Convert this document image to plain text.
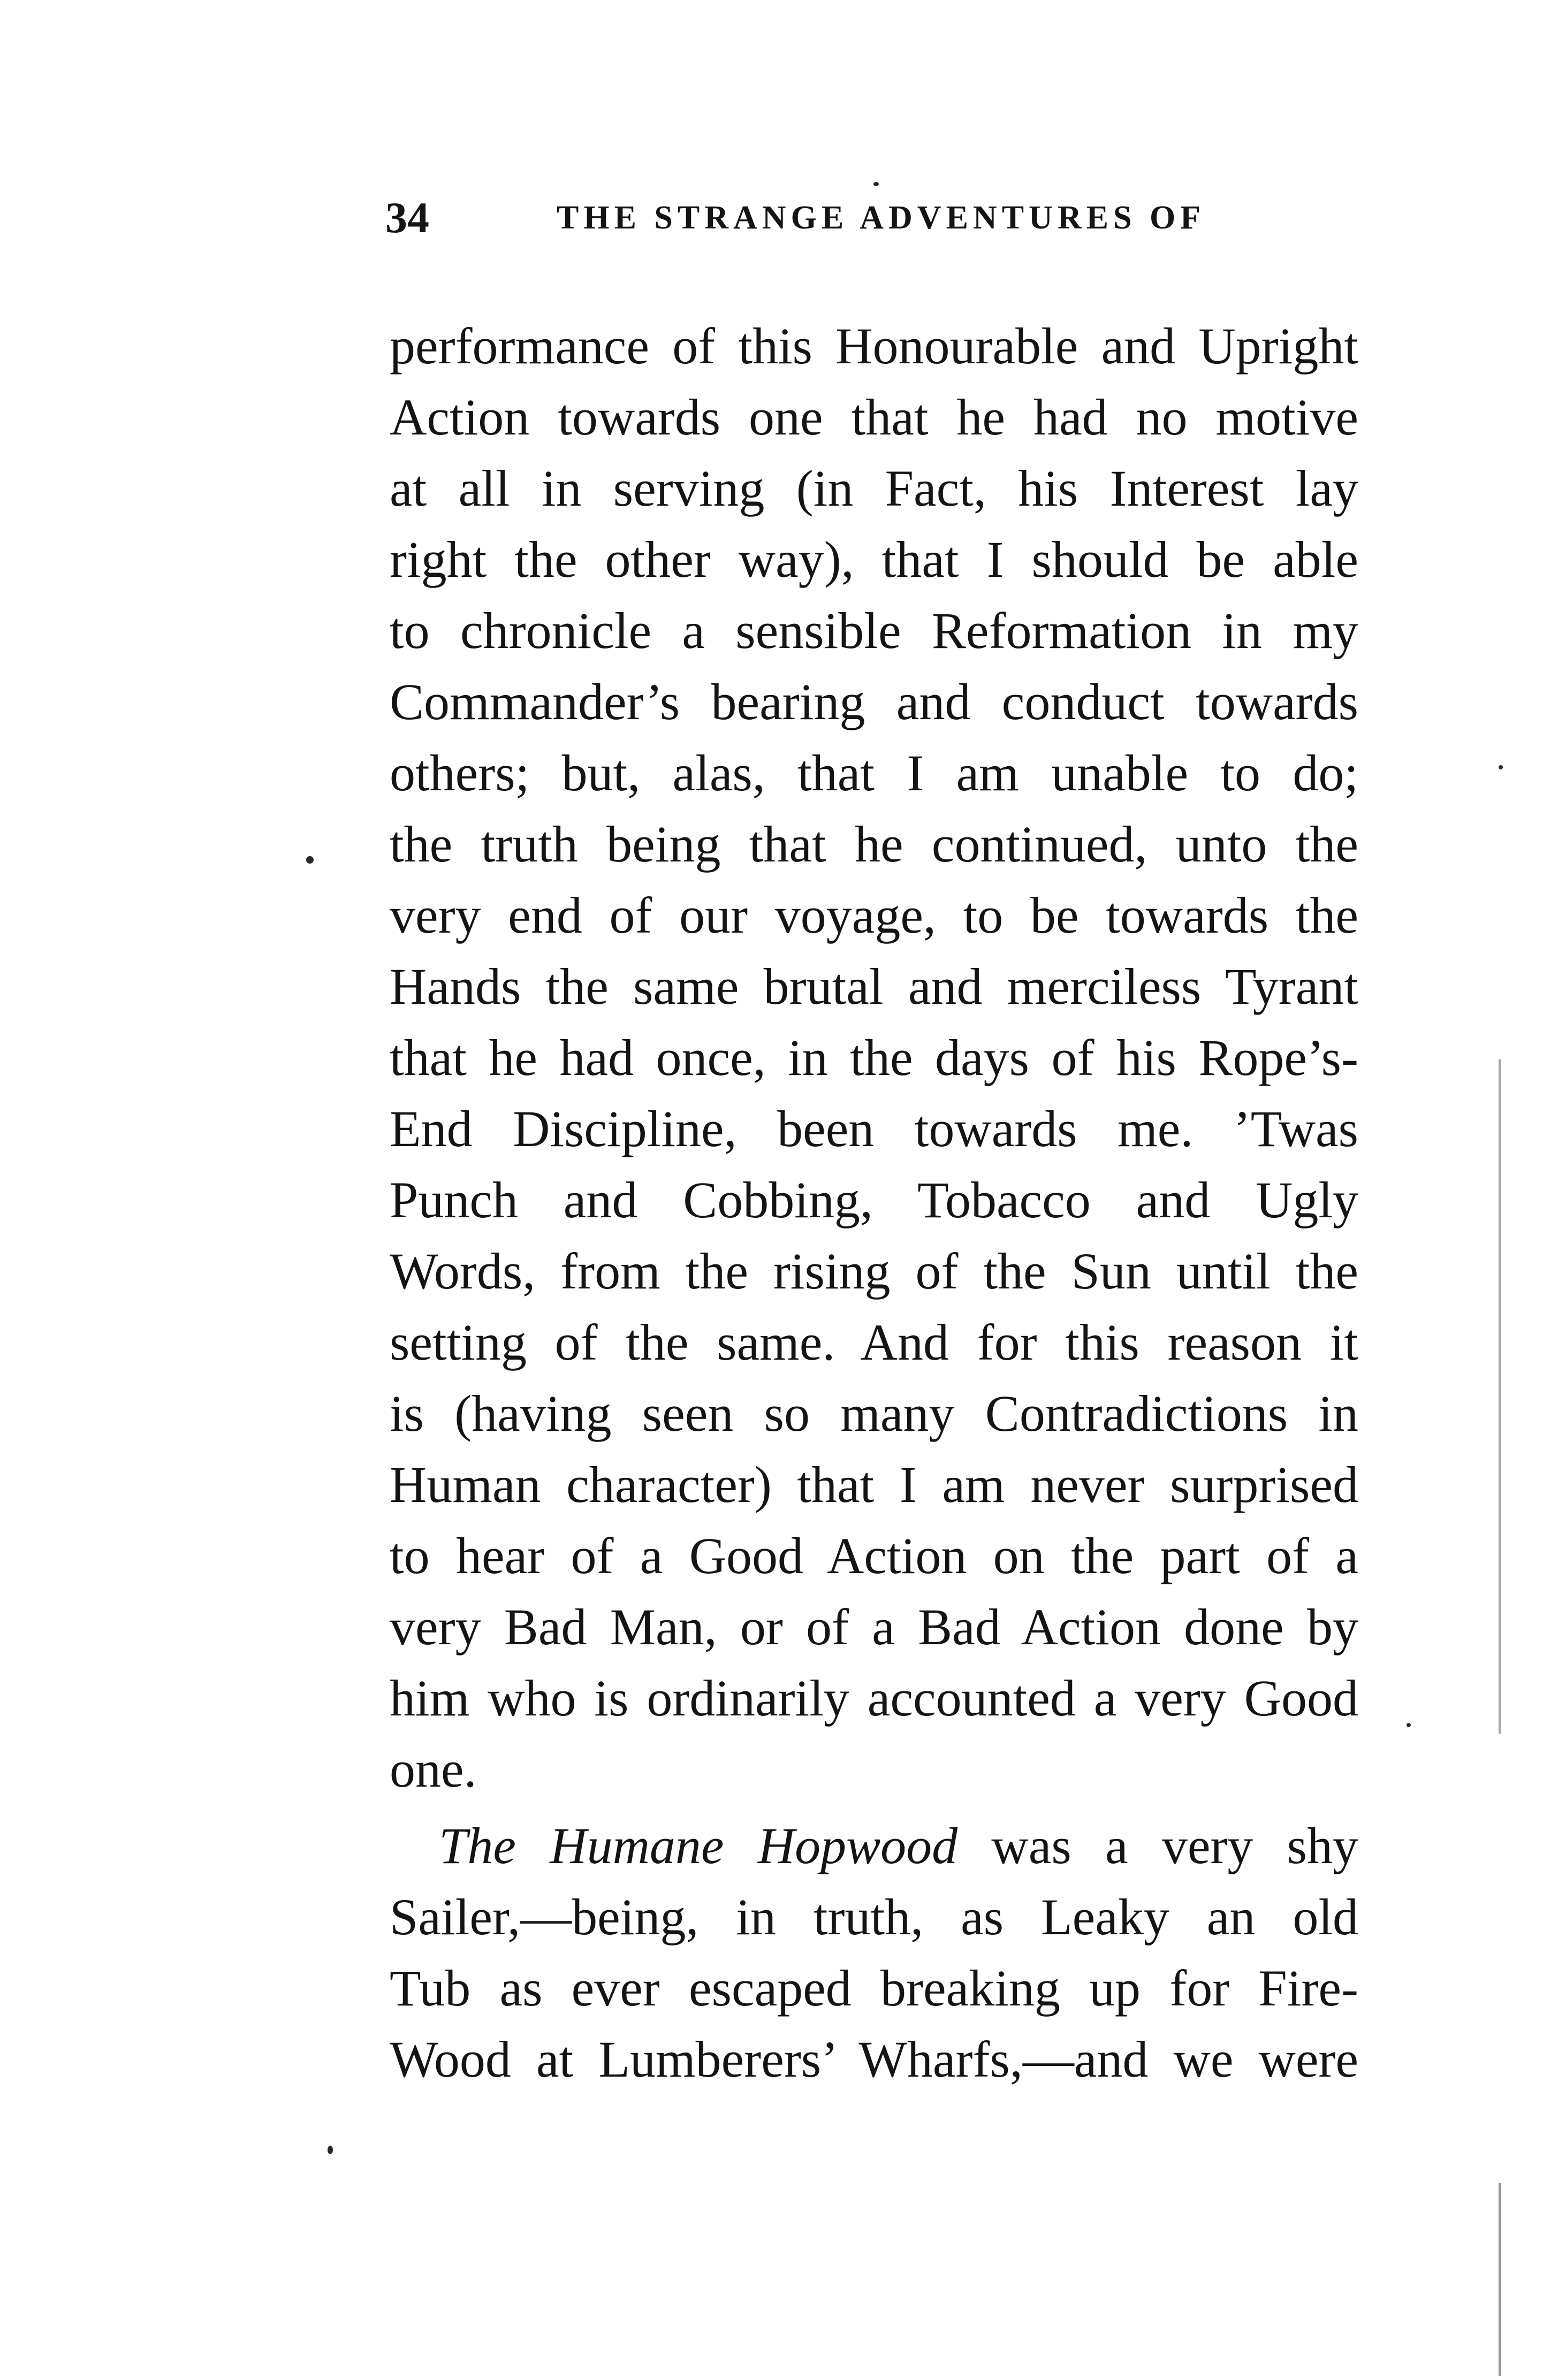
34	THE STRANGE ADVENTURES OF
performance of this Honourable and Upright
Action towards one that he had no motive
at all in serving (in Fact, his Interest lay
right the other way), that I should be able
to chronicle a sensible Reformation in my
Commander’s bearing and conduct towards
others; but, alas, that I am unable to do;
the truth being that he continued, unto the
very end of our voyage, to be towards the
Hands the same brutal and merciless Tyrant
that he had once, in the days of his Rope’s-
End Discipline, been towards me. ’Twas
Punch and Cobbing, Tobacco and Ugly
Words, from the rising of the Sun until the
setting of the same. And for this reason it
is (having seen so many Contradictions in
Human character) that I am never surprised
to hear of a Good Action on the part of a
very Bad Man, or of a Bad Action done by
him who is ordinarily accounted a very Good
one.
The Humane Hopwood was a very shy
Sailer,—being, in truth, as Leaky an old
Tub as ever escaped breaking up for Fire-
Wood at Lumberers’ Wharfs,—and we were
